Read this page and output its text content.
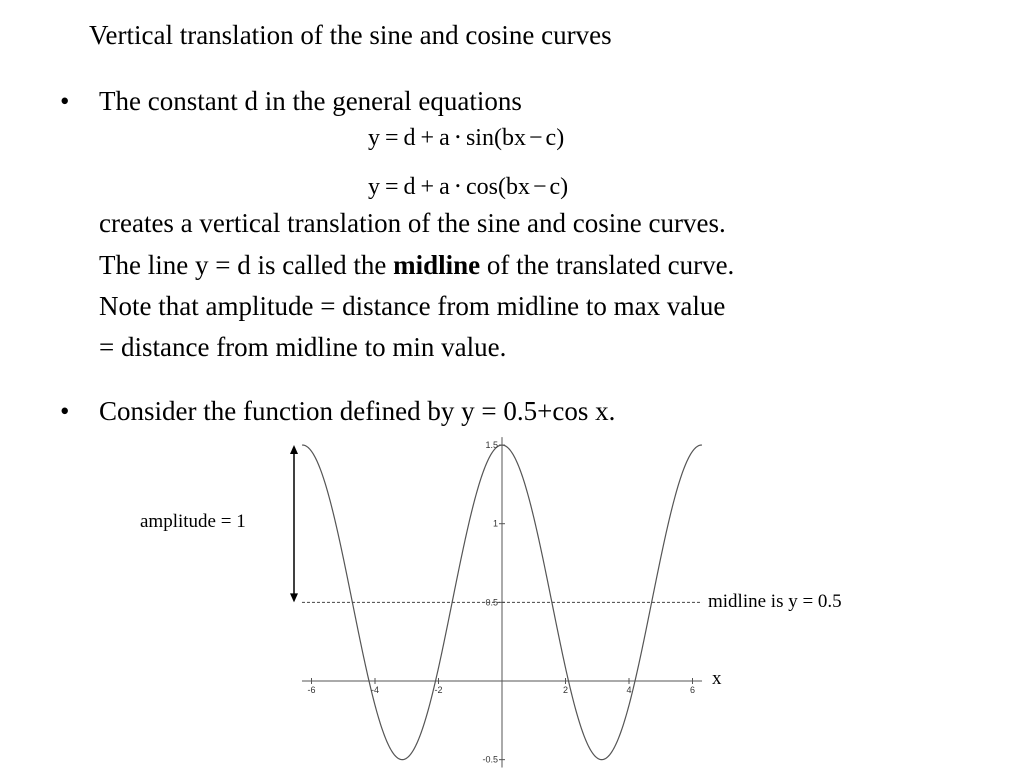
Vertical translation of the sine and cosine curves
• The constant d in the general equations
y = d + a ⋅ sin(bx − c)
y = d + a ⋅ cos(bx − c)
creates a vertical translation of the sine and cosine curves.
The line y = d is called the midline of the translated curve.
Note that amplitude = distance from midline to max value
= distance from midline to min value.
• Consider the function defined by y = 0.5+cos x.
-6	-4	-2	2	4	6
1.5
1
0.5
-0.5
amplitude = 1
midline is y = 0.5
x
